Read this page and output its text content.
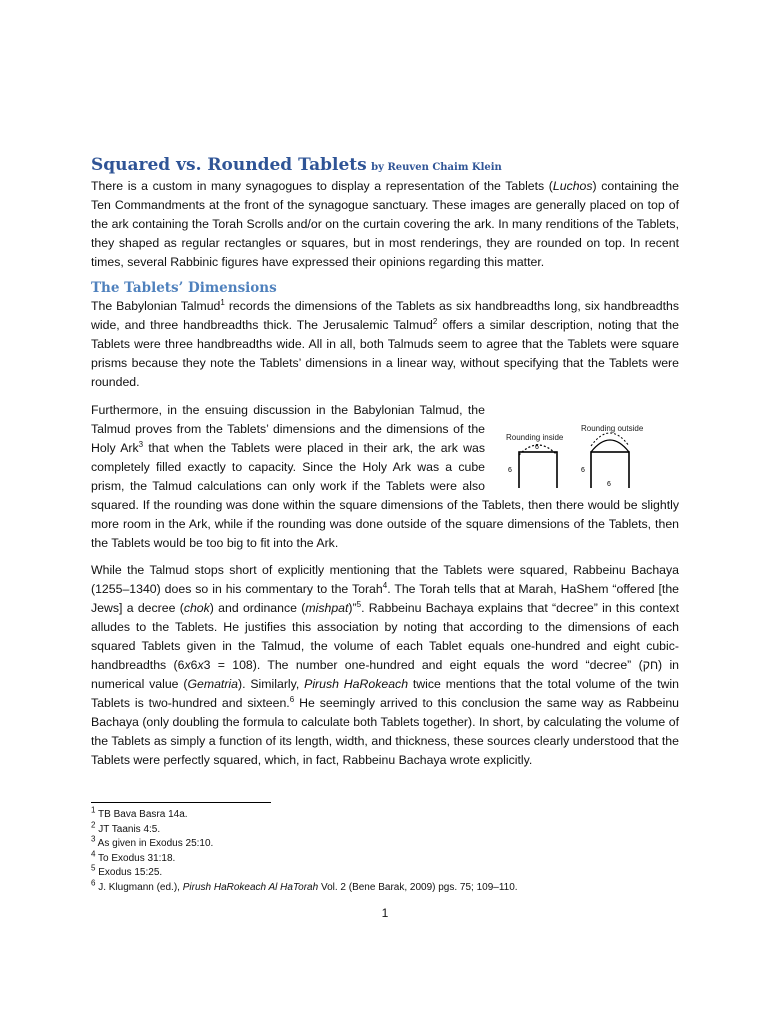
Squared vs. Rounded Tablets by Reuven Chaim Klein

There is a custom in many synagogues to display a representation of the Tablets (Luchos) containing the Ten Commandments at the front of the synagogue sanctuary. These images are generally placed on top of the ark containing the Torah Scrolls and/or on the curtain covering the ark. In many renditions of the Tablets, they shaped as regular rectangles or squares, but in most renderings, they are rounded on top. In recent times, several Rabbinic figures have expressed their opinions regarding this matter.

The Tablets’ Dimensions

The Babylonian Talmud$^1$ records the dimensions of the Tablets as six handbreadths long, six handbreadths wide, and three handbreadths thick. The Jerusalemic Talmud$^2$ offers a similar description, noting that the Tablets were three handbreadths wide. All in all, both Talmuds seem to agree that the Tablets were square prisms because they note the Tablets’ dimensions in a linear way, without specifying that the Tablets were rounded.

Rounding inside
Rounding outside
6
6	6
6
Furthermore, in the ensuing discussion in the Babylonian Talmud, the Talmud proves from the Tablets’ dimensions and the dimensions of the Holy Ark$^3$ that when the Tablets were placed in their ark, the ark was completely filled exactly to capacity. Since the Holy Ark was a cube prism, the Talmud calculations can only work if the Tablets were also squared. If the rounding was done within the square dimensions of the Tablets, then there would be slightly more room in the Ark, while if the rounding was done outside of the square dimensions of the Tablets, then the Tablets would be too big to fit into the Ark.

While the Talmud stops short of explicitly mentioning that the Tablets were squared, Rabbeinu Bachaya (1255–1340) does so in his commentary to the Torah$^4$. The Torah tells that at Marah, HaShem “offered [the Jews] a decree (chok) and ordinance (mishpat)”$^5$. Rabbeinu Bachaya explains that “decree” in this context alludes to the Tablets. He justifies this association by noting that according to the dimensions of each squared Tablets given in the Talmud, the volume of each Tablet equals one-hundred and eight cubic-handbreadths (6x6x3 = 108). The number one-hundred and eight equals the word “decree” (חק) in numerical value (Gematria). Similarly, Pirush HaRokeach twice mentions that the total volume of the twin Tablets is two-hundred and sixteen.$^6$ He seemingly arrived to this conclusion the same way as Rabbeinu Bachaya (only doubling the formula to calculate both Tablets together). In short, by calculating the volume of the Tablets as simply a function of its length, width, and thickness, these sources clearly understood that the Tablets were perfectly squared, which, in fact, Rabbeinu Bachaya wrote explicitly.

$^1$ TB Bava Basra 14a.
$^2$ JT Taanis 4:5.
$^3$ As given in Exodus 25:10.
$^4$ To Exodus 31:18.
$^5$ Exodus 15:25.
$^6$ J. Klugmann (ed.), Pirush HaRokeach Al HaTorah Vol. 2 (Bene Barak, 2009) pgs. 75; 109–110.
1
